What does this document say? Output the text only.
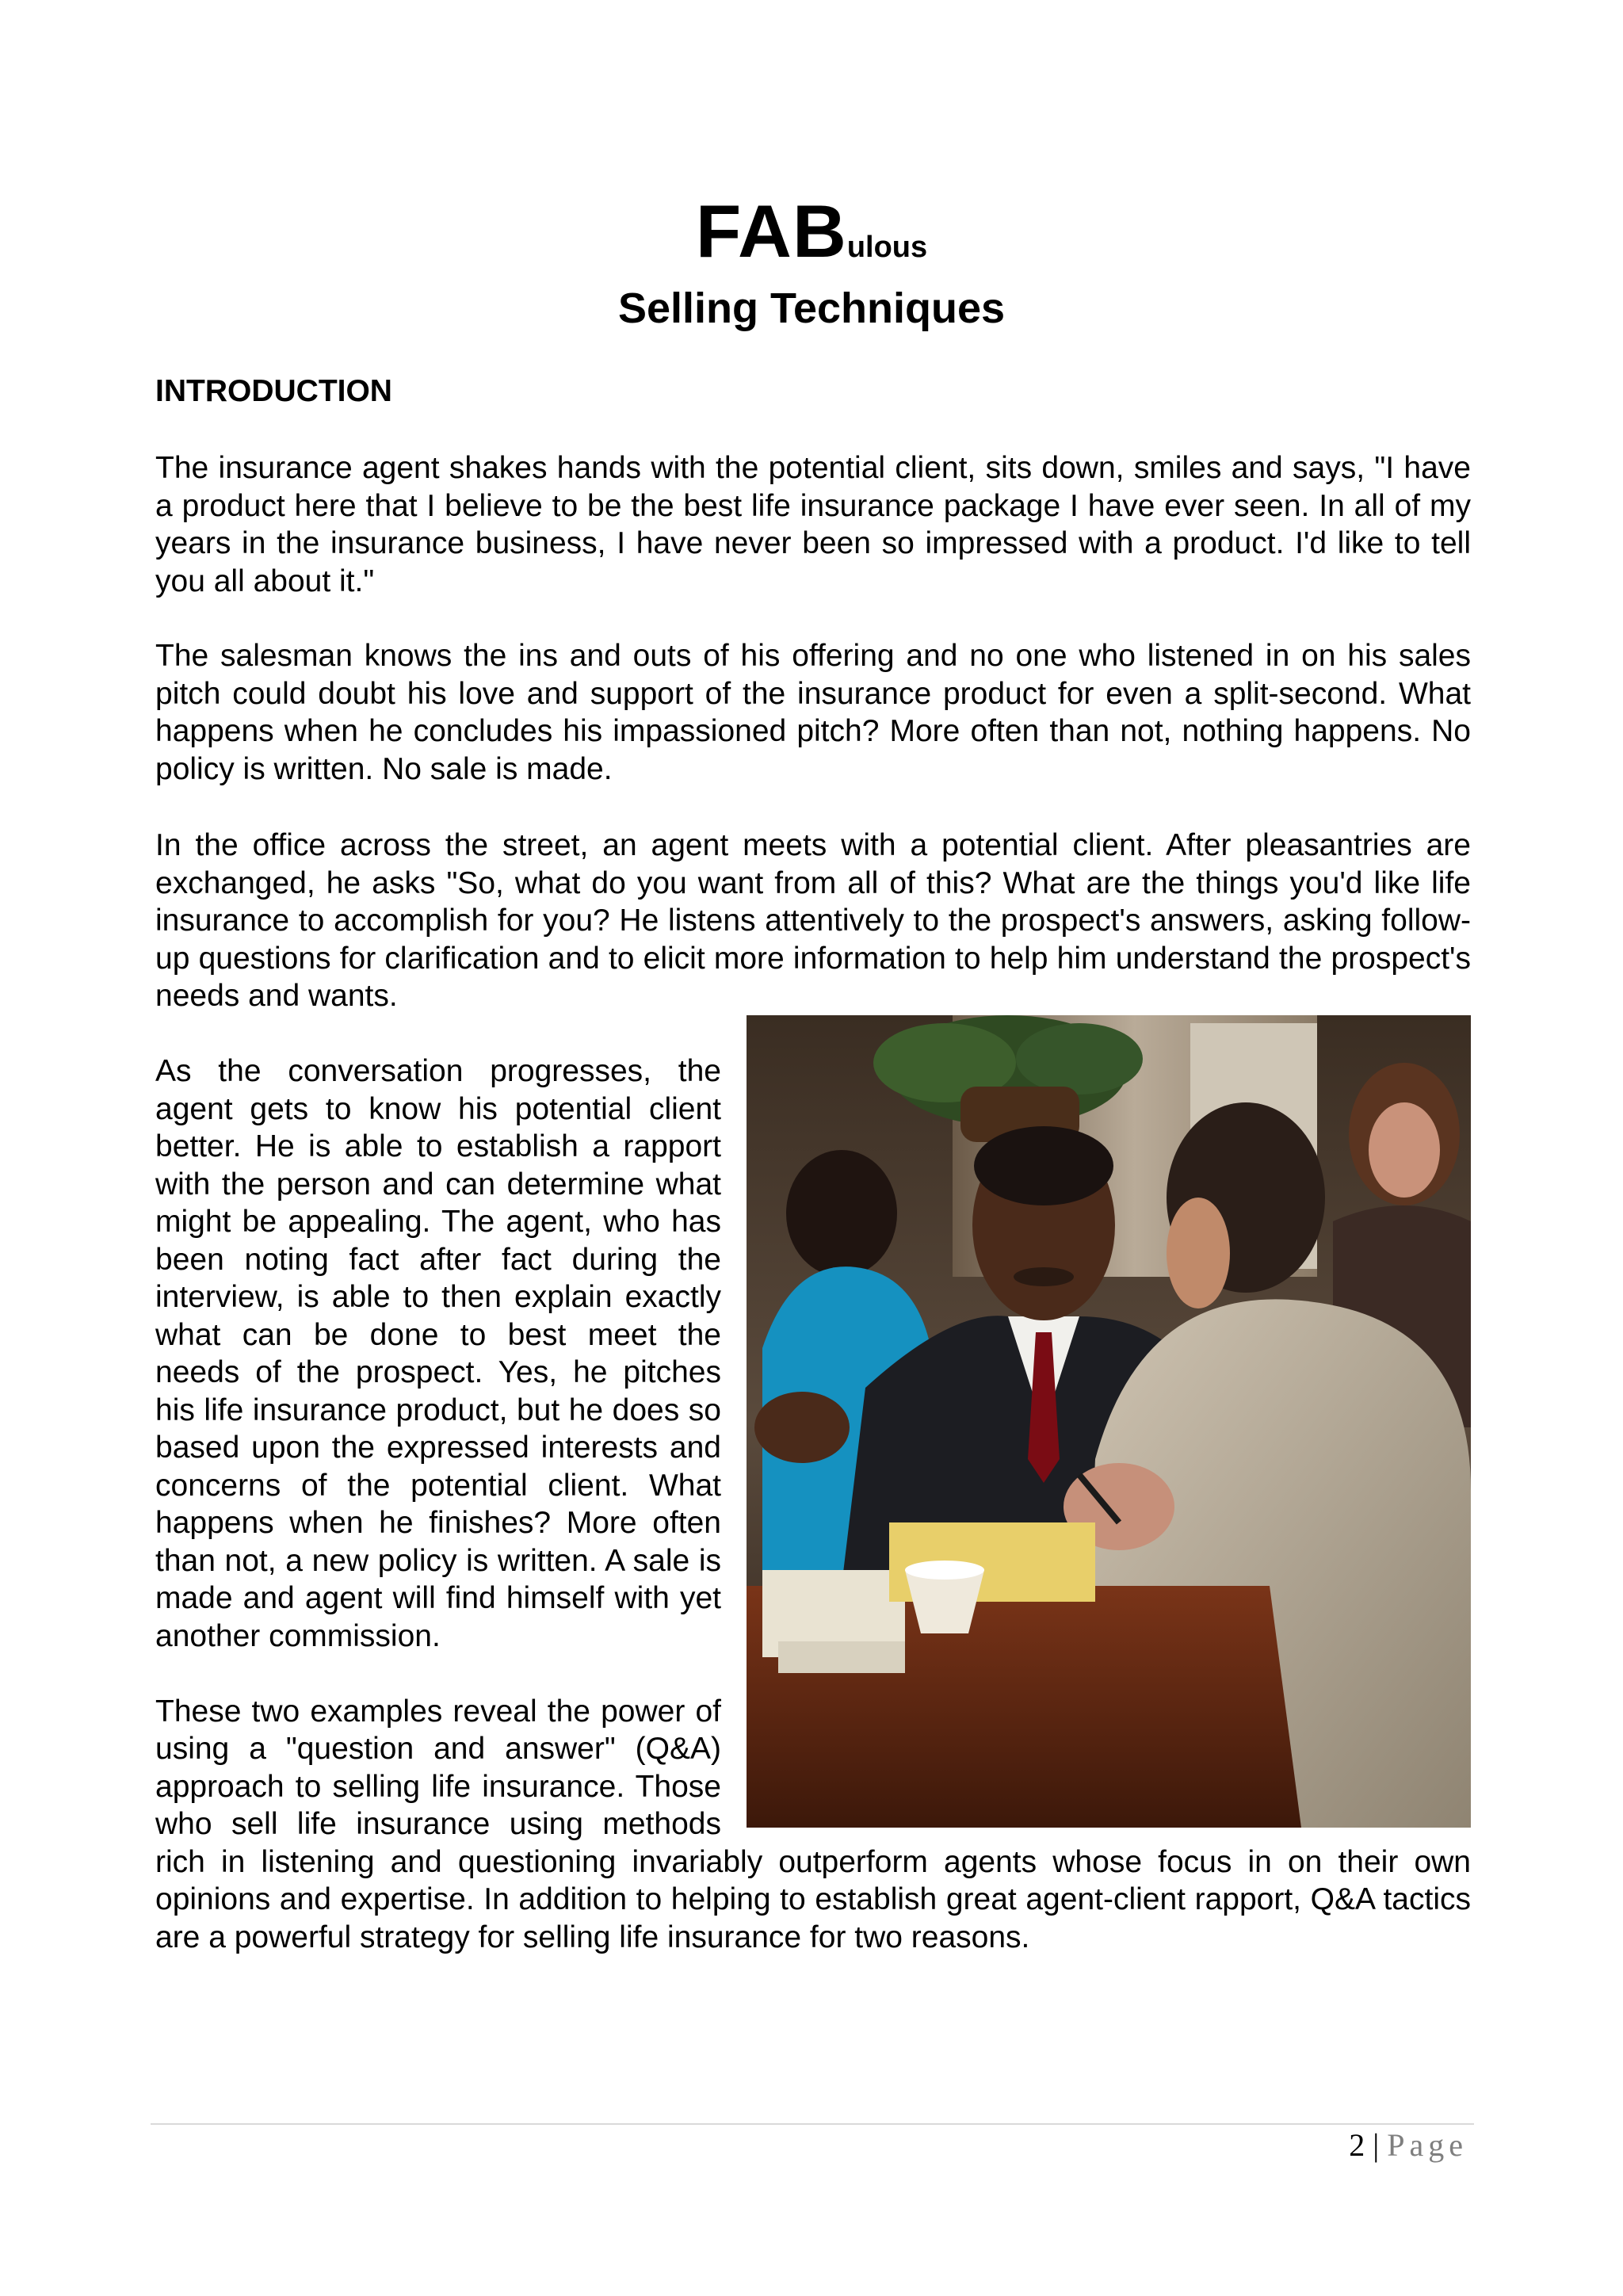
FABulous
Selling Techniques
INTRODUCTION

The insurance agent shakes hands with the potential client, sits down, smiles and says, "I have a product here that I believe to be the best life insurance package I have ever seen. In all of my years in the insurance business, I have never been so impressed with a product. I'd like to tell you all about it."

The salesman knows the ins and outs of his offering and no one who listened in on his sales pitch could doubt his love and support of the insurance product for even a split-second. What happens when he concludes his impassioned pitch? More often than not, nothing happens. No policy is written. No sale is made.

2 | Page

In the office across the street, an agent meets with a potential client. After pleasantries are exchanged, he asks "So, what do you want from all of this? What are the things you'd like life insurance to accomplish for you? He listens attentively to the prospect's answers, asking follow-up questions for clarification and to elicit more information to help him understand the prospect's needs and wants.

As the conversation progresses, the agent gets to know his potential client better. He is able to establish a rapport with the person and can determine what might be appealing. The agent, who has been noting fact after fact during the interview, is able to then explain exactly what can be done to best meet the needs of the prospect. Yes, he pitches his life insurance product, but he does so based upon the expressed interests and concerns of the potential client. What happens when he finishes? More often than not, a new policy is written. A sale is made and agent will find himself with yet another commission.

These two examples reveal the power of using a "question and answer" (Q&A) approach to selling life insurance. Those who sell life insurance using methods rich in listening and questioning invariably outperform agents whose focus in on their own opinions and expertise. In addition to helping to establish great agent-client rapport, Q&A tactics are a powerful strategy for selling life insurance for two reasons.
